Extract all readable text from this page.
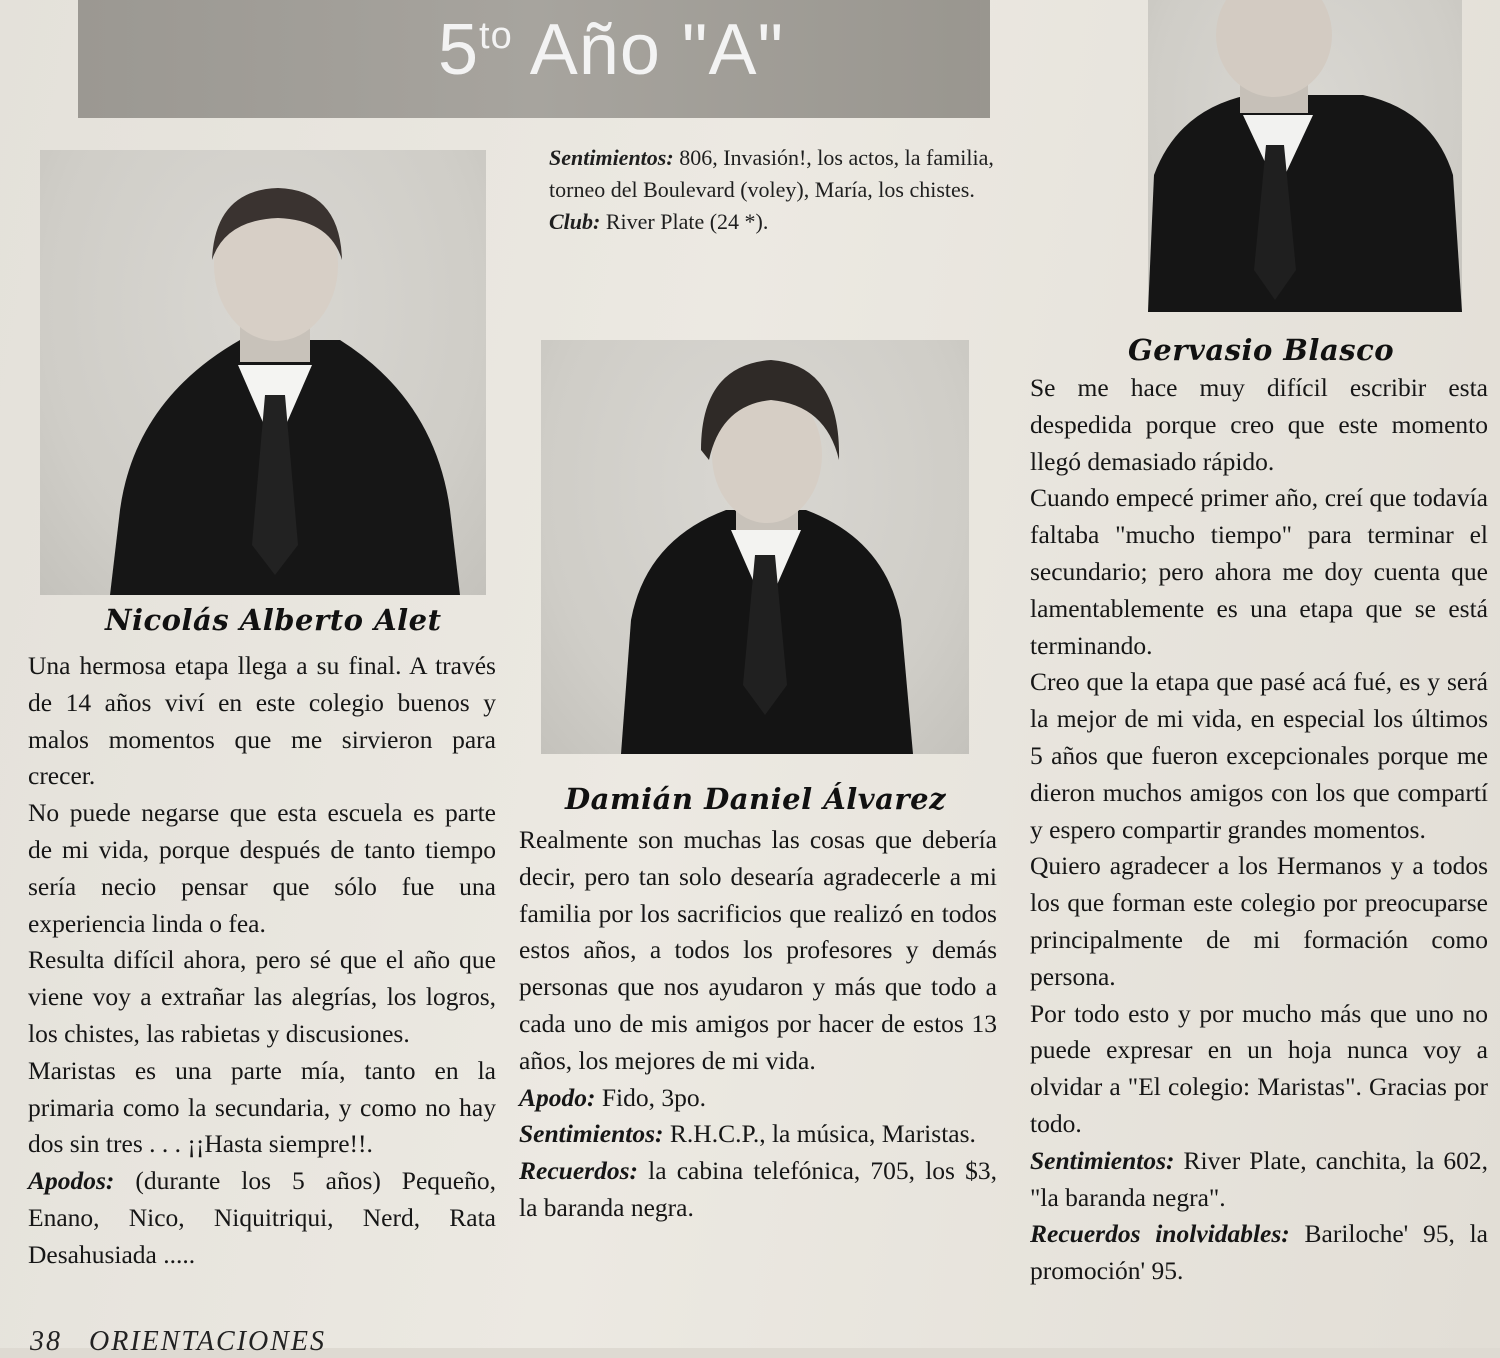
$5^{to}$ Año "A"

Sentimientos: 806, Invasión!, los actos, la familia, torneo del Boulevard (voley), María, los chistes.

Club: River Plate (24 *).

Nicolás Alberto Alet

Una hermosa etapa llega a su final. A través de 14 años viví en este colegio buenos y malos momentos que me sirvieron para crecer.

No puede negarse que esta escuela es parte de mi vida, porque después de tanto tiempo sería necio pensar que sólo fue una experiencia linda o fea.

Resulta difícil ahora, pero sé que el año que viene voy a extrañar las alegrías, los logros, los chistes, las rabietas y discusiones.

Maristas es una parte mía, tanto en la primaria como la secundaria, y como no hay dos sin tres . . . ¡¡Hasta siempre!!.

Apodos: (durante los 5 años) Pequeño, Enano, Nico, Niquitriqui, Nerd, Rata Desahusiada .....

Damián Daniel Álvarez

Realmente son muchas las cosas que debería decir, pero tan solo desearía agradecerle a mi familia por los sacrificios que realizó en todos estos años, a todos los profesores y demás personas que nos ayudaron y más que todo a cada uno de mis amigos por hacer de estos 13 años, los mejores de mi vida.

Apodo: Fido, 3po.

Sentimientos: R.H.C.P., la música, Maristas.

Recuerdos: la cabina telefónica, 705, los $3, la baranda negra.

Gervasio Blasco

Se me hace muy difícil escribir esta despedida porque creo que este momento llegó demasiado rápido.

Cuando empecé primer año, creí que todavía faltaba "mucho tiempo" para terminar el secundario; pero ahora me doy cuenta que lamentablemente es una etapa que se está terminando.

Creo que la etapa que pasé acá fué, es y será la mejor de mi vida, en especial los últimos 5 años que fueron excepcionales porque me dieron muchos amigos con los que compartí y espero compartir grandes momentos.

Quiero agradecer a los Hermanos y a todos los que forman este colegio por preocuparse principalmente de mi formación como persona.

Por todo esto y por mucho más que uno no puede expresar en un hoja nunca voy a olvidar a "El colegio: Maristas". Gracias por todo.

Sentimientos: River Plate, canchita, la 602, "la baranda negra".

Recuerdos inolvidables: Bariloche' 95, la promoción' 95.

38   ORIENTACIONES
